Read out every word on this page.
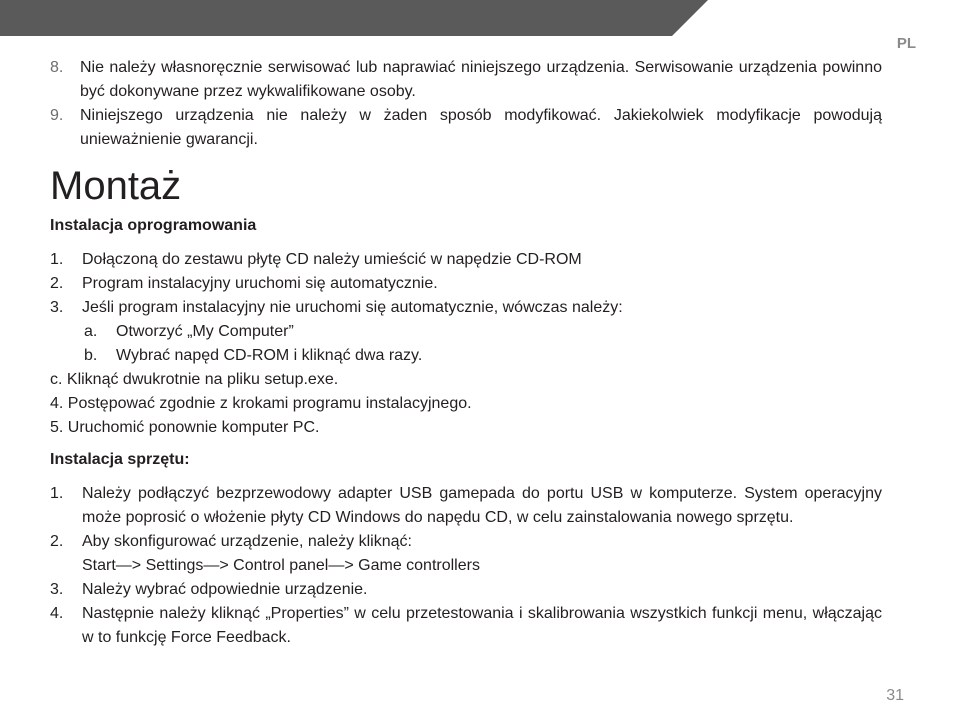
PL
8. Nie należy własnoręcznie serwisować lub naprawiać niniejszego urządzenia. Serwisowanie urządzenia powinno być dokonywane przez wykwalifikowane osoby.
9. Niniejszego urządzenia nie należy w żaden sposób modyfikować. Jakiekolwiek modyfikacje powodują unieważnienie gwarancji.
Montaż
Instalacja oprogramowania
1. Dołączoną do zestawu płytę CD należy umieścić w napędzie CD-ROM
2. Program instalacyjny uruchomi się automatycznie.
3. Jeśli program instalacyjny nie uruchomi się automatycznie, wówczas należy:
a. Otworzyć „My Computer”
b. Wybrać napęd CD-ROM i kliknąć dwa razy.
c. Kliknąć dwukrotnie na pliku setup.exe.
4. Postępować zgodnie z krokami programu instalacyjnego.
5. Uruchomić ponownie komputer PC.
Instalacja sprzętu:
1. Należy podłączyć bezprzewodowy adapter USB gamepada do portu USB w komputerze. System operacyjny może poprosić o włożenie płyty CD Windows do napędu CD, w celu zainstalowania nowego sprzętu.
2. Aby skonfigurować urządzenie, należy kliknąć:
Start—> Settings—> Control panel—> Game controllers
3. Należy wybrać odpowiednie urządzenie.
4. Następnie należy kliknąć „Properties” w celu przetestowania i skalibrowania wszystkich funkcji menu, włączając w to funkcję Force Feedback.
31
